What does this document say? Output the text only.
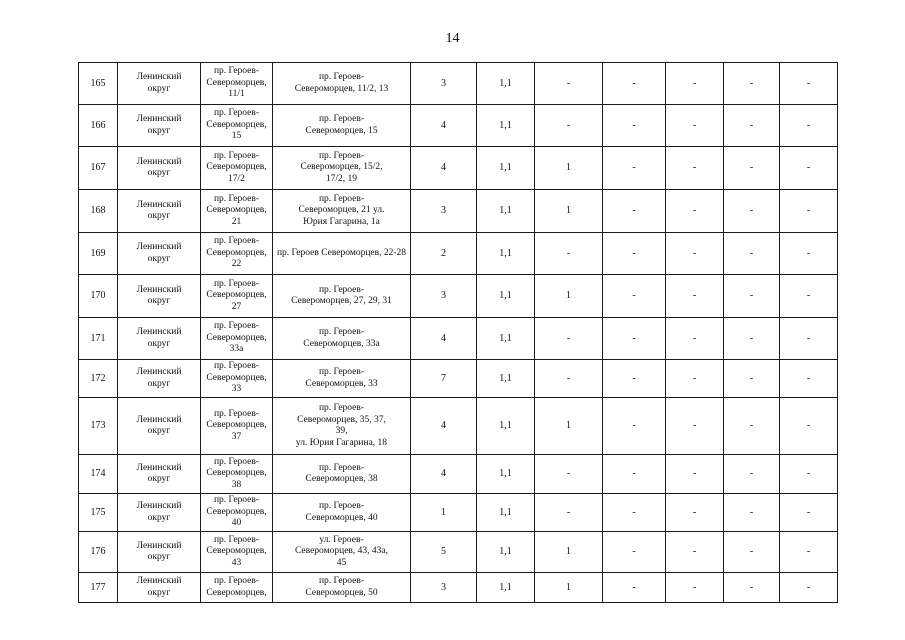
14
165	Ленинский
округ	пр. Героев-
Североморцев, 11/1	пр. Героев-
Североморцев, 11/2, 13	3	1,1	-	-	-	-	-
166	Ленинский
округ	пр. Героев-
Североморцев, 15	пр. Героев-
Североморцев, 15	4	1,1	-	-	-	-	-
167	Ленинский
округ	пр. Героев-
Североморцев, 17/2	пр. Героев-
Североморцев, 15/2,
17/2, 19	4	1,1	1	-	-	-	-
168	Ленинский
округ	пр. Героев-
Североморцев, 21	пр. Героев-
Североморцев, 21 ул.
Юрия Гагарина, 1а	3	1,1	1	-	-	-	-
169	Ленинский
округ	пр. Героев-
Североморцев, 22	пр. Героев Североморцев, 22-28	2	1,1	-	-	-	-	-
170	Ленинский
округ	пр. Героев-
Североморцев, 27	пр. Героев-
Североморцев, 27, 29, 31	3	1,1	1	-	-	-	-
171	Ленинский
округ	пр. Героев-
Североморцев, 33а	пр. Героев-
Североморцев, 33а	4	1,1	-	-	-	-	-
172	Ленинский
округ	пр. Героев-
Североморцев, 33	пр. Героев-
Североморцев, 33	7	1,1	-	-	-	-	-
173	Ленинский
округ	пр. Героев-
Североморцев, 37	пр. Героев-
Североморцев, 35, 37,
39,
ул. Юрия Гагарина, 18	4	1,1	1	-	-	-	-
174	Ленинский
округ	пр. Героев-
Североморцев, 38	пр. Героев-
Североморцев, 38	4	1,1	-	-	-	-	-
175	Ленинский
округ	пр. Героев-
Североморцев, 40	пр. Героев-
Североморцев, 40	1	1,1	-	-	-	-	-
176	Ленинский
округ	пр. Героев-
Североморцев, 43	ул. Героев-
Североморцев, 43, 43а,
45	5	1,1	1	-	-	-	-
177	Ленинский
округ	пр. Героев-
Североморцев,	пр. Героев-
Североморцев, 50	3	1,1	1	-	-	-	-
